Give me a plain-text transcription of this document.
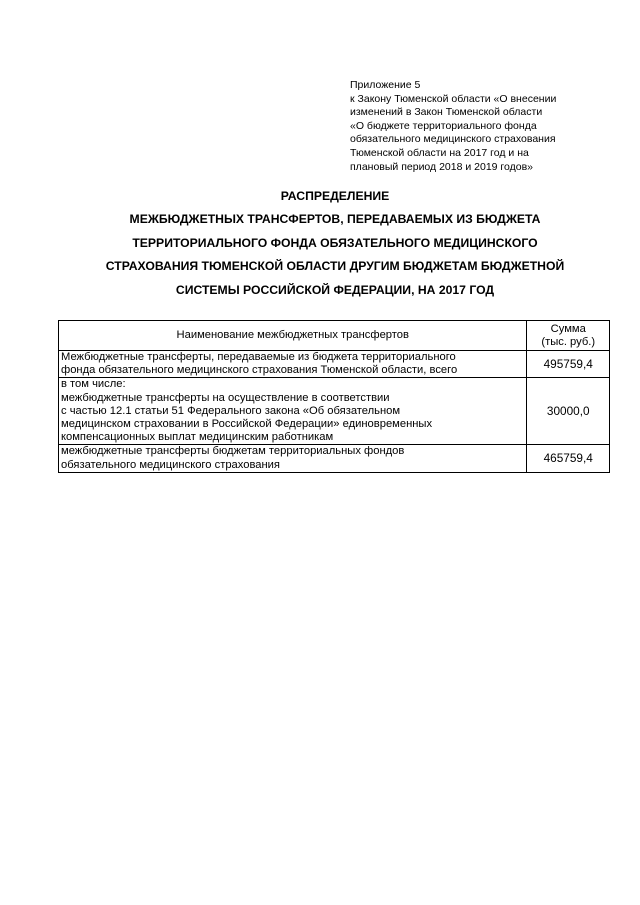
Приложение 5
к Закону Тюменской области «О внесении
изменений в Закон Тюменской области
«О бюджете территориального фонда
обязательного медицинского страхования
Тюменской области на 2017 год и на
плановый период 2018 и 2019 годов»
РАСПРЕДЕЛЕНИЕ
МЕЖБЮДЖЕТНЫХ ТРАНСФЕРТОВ, ПЕРЕДАВАЕМЫХ ИЗ БЮДЖЕТА
ТЕРРИТОРИАЛЬНОГО ФОНДА ОБЯЗАТЕЛЬНОГО МЕДИЦИНСКОГО
СТРАХОВАНИЯ ТЮМЕНСКОЙ ОБЛАСТИ ДРУГИМ БЮДЖЕТАМ БЮДЖЕТНОЙ
СИСТЕМЫ РОССИЙСКОЙ ФЕДЕРАЦИИ, НА 2017 ГОД
Наименование межбюджетных трансфертов	Сумма
(тыс. руб.)

Межбюджетные трансферты, передаваемые из бюджета территориального
фонда обязательного медицинского страхования Тюменской области, всего	495759,4

в том числе:
межбюджетные трансферты на осуществление в соответствии
с частью 12.1 статьи 51 Федерального закона «Об обязательном
медицинском страховании в Российской Федерации» единовременных
компенсационных выплат медицинским работникам	30000,0

межбюджетные трансферты бюджетам территориальных фондов
обязательного медицинского страхования	465759,4
